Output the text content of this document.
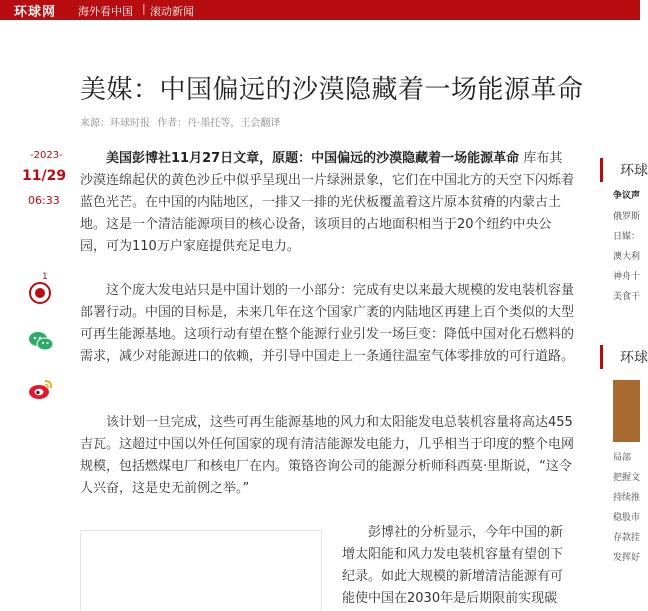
环球网 海外看中国 | 滚动新闻
美媒：中国偏远的沙漠隐藏着一场能源革命
来源：环球时报 作者：丹·墨托等，王会翻译
-2023-
11/29
06:33
1

美国彭博社11月27日文章，原题：中国偏远的沙漠隐藏着一场能源革命 库布其沙漠连绵起伏的黄色沙丘中似乎呈现出一片绿洲景象，它们在中国北方的天空下闪烁着蓝色光芒。在中国的内陆地区，一排又一排的光伏板覆盖着这片原本贫瘠的内蒙古土地。这是一个清洁能源项目的核心设备，该项目的占地面积相当于20个纽约中央公园，可为110万户家庭提供充足电力。

这个庞大发电站只是中国计划的一小部分：完成有史以来最大规模的发电装机容量部署行动。中国的目标是，未来几年在这个国家广袤的内陆地区再建上百个类似的大型可再生能源基地。这项行动有望在整个能源行业引发一场巨变：降低中国对化石燃料的需求，减少对能源进口的依赖，并引导中国走上一条通往温室气体零排放的可行道路。

该计划一旦完成，这些可再生能源基地的风力和太阳能发电总装机容量将高达455吉瓦。这超过中国以外任何国家的现有清洁能源发电能力，几乎相当于印度的整个电网规模，包括燃煤电厂和核电厂在内。策铬咨询公司的能源分析师科西莫·里斯说，“这令人兴奋，这是史无前例之举。”

彭博社的分析显示，今年中国的新增太阳能和风力发电装机容量有望创下纪录。如此大规模的新增清洁能源有可能使中国在2030年是后期限前实现碳

环球
争议声
俄罗斯
日媒：
澳大利
神舟十
美食干
环球
局部
把握文
持续推
稳股市
存款挂
发挥好
